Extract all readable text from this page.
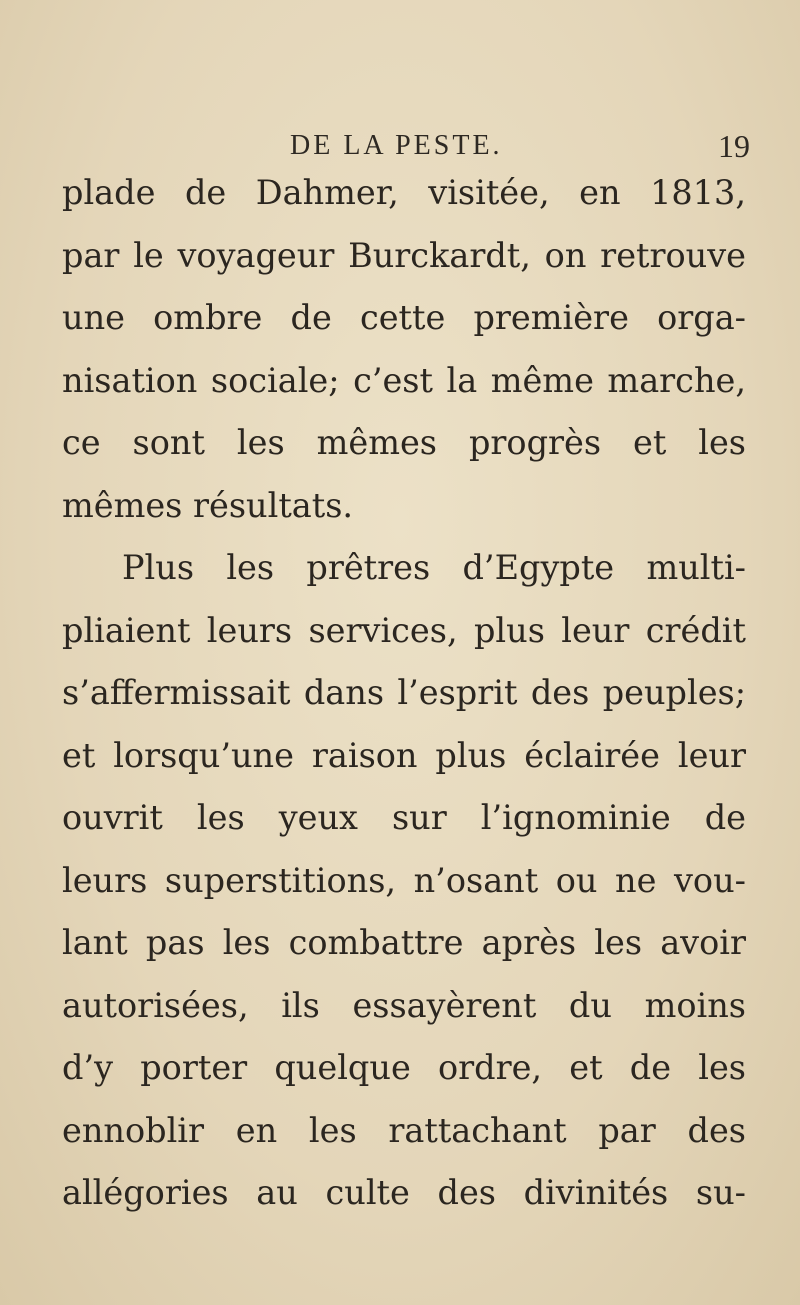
DE LA PESTE.	19
plade de Dahmer, visitée, en 1813,
par le voyageur Burckardt, on retrouve
une ombre de cette première orga-
nisation sociale; c’est la même marche,
ce sont les mêmes progrès et les
mêmes résultats.
Plus les prêtres d’Egypte multi-
pliaient leurs services, plus leur crédit
s’affermissait dans l’esprit des peuples;
et lorsqu’une raison plus éclairée leur
ouvrit les yeux sur l’ignominie de
leurs superstitions, n’osant ou ne vou-
lant pas les combattre après les avoir
autorisées, ils essayèrent du moins
d’y porter quelque ordre, et de les
ennoblir en les rattachant par des
allégories au culte des divinités su-
